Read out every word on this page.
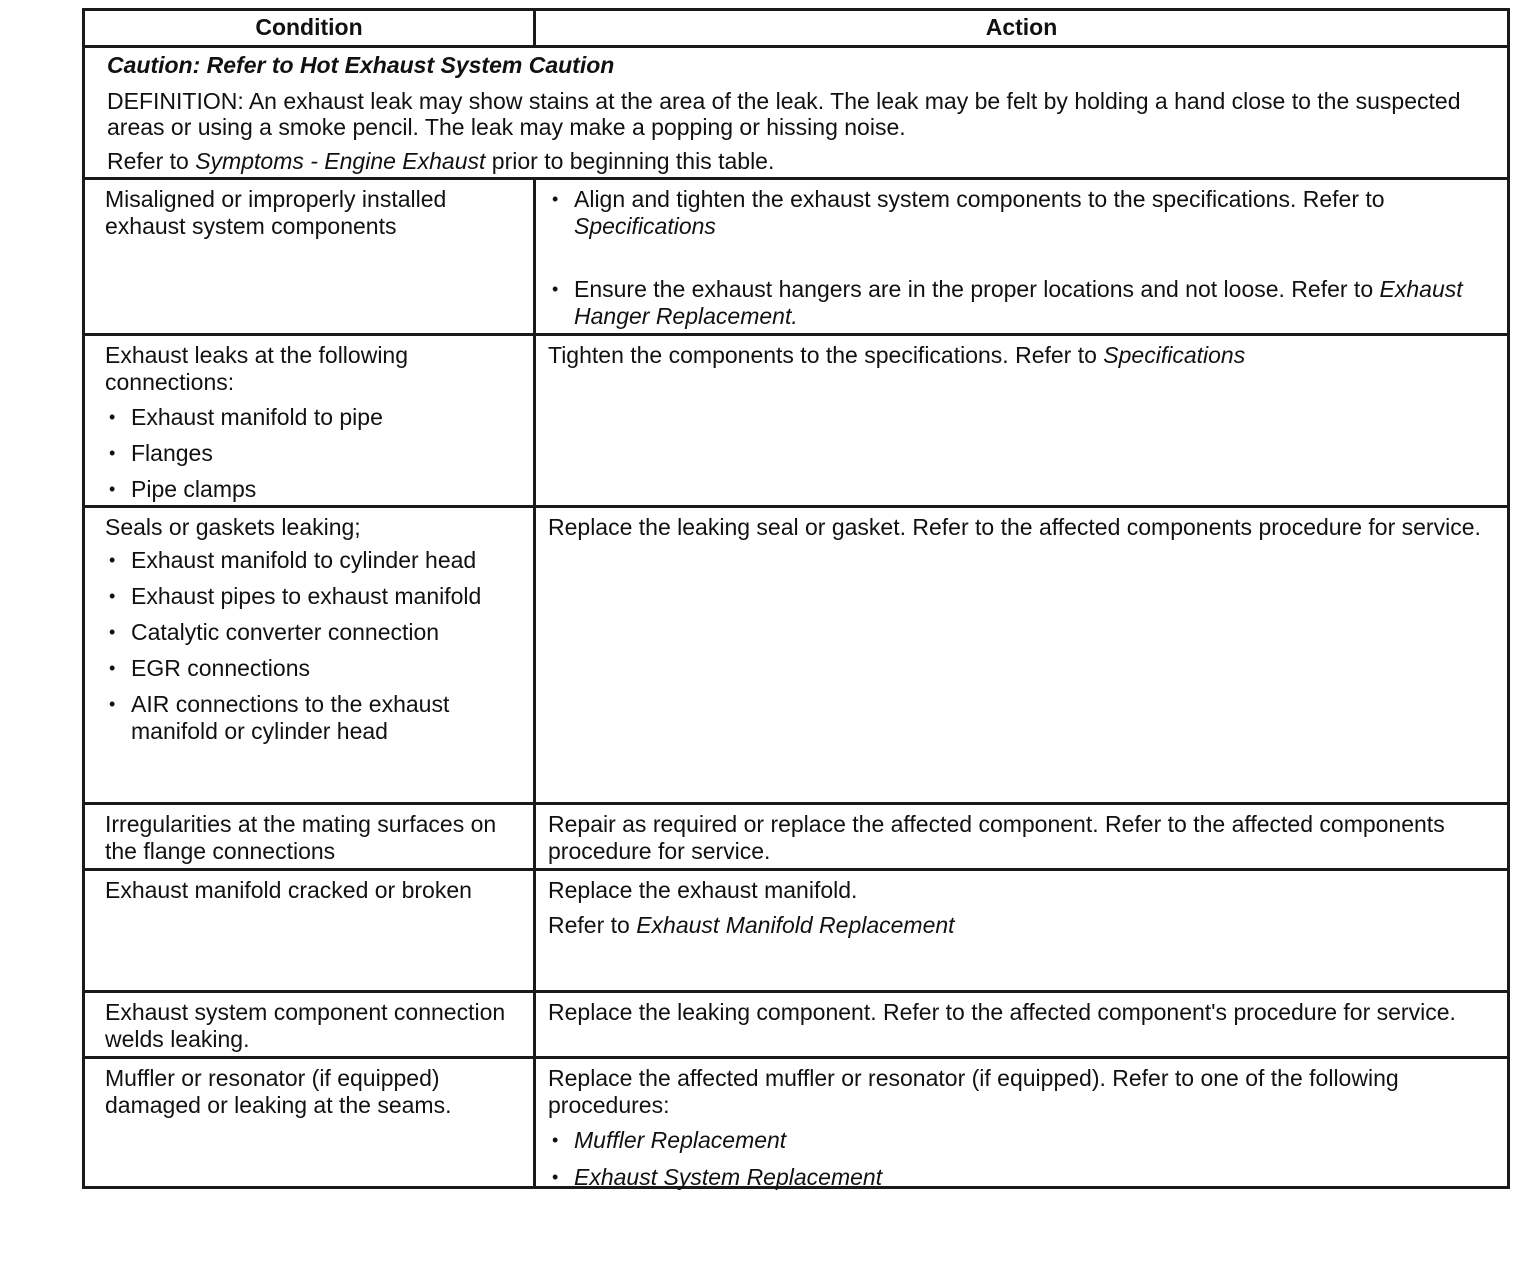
Condition	Action
Caution: Refer to Hot Exhaust System Caution
DEFINITION: An exhaust leak may show stains at the area of the leak. The leak may be felt by holding a hand close to the suspected areas or using a smoke pencil. The leak may make a popping or hissing noise.
Refer to Symptoms - Engine Exhaust prior to beginning this table.
Misaligned or improperly installed exhaust system components
• Align and tighten the exhaust system components to the specifications. Refer to Specifications
• Ensure the exhaust hangers are in the proper locations and not loose. Refer to Exhaust Hanger Replacement.
Exhaust leaks at the following connections:
• Exhaust manifold to pipe
• Flanges
• Pipe clamps
Tighten the components to the specifications. Refer to Specifications
Seals or gaskets leaking;
• Exhaust manifold to cylinder head
• Exhaust pipes to exhaust manifold
• Catalytic converter connection
• EGR connections
• AIR connections to the exhaust manifold or cylinder head
Replace the leaking seal or gasket. Refer to the affected components procedure for service.
Irregularities at the mating surfaces on the flange connections
Repair as required or replace the affected component. Refer to the affected components procedure for service.
Exhaust manifold cracked or broken	Replace the exhaust manifold.
Refer to Exhaust Manifold Replacement
Exhaust system component connection welds leaking.
Replace the leaking component. Refer to the affected component's procedure for service.
Muffler or resonator (if equipped) damaged or leaking at the seams.
Replace the affected muffler or resonator (if equipped). Refer to one of the following procedures:
• Muffler Replacement
• Exhaust System Replacement
